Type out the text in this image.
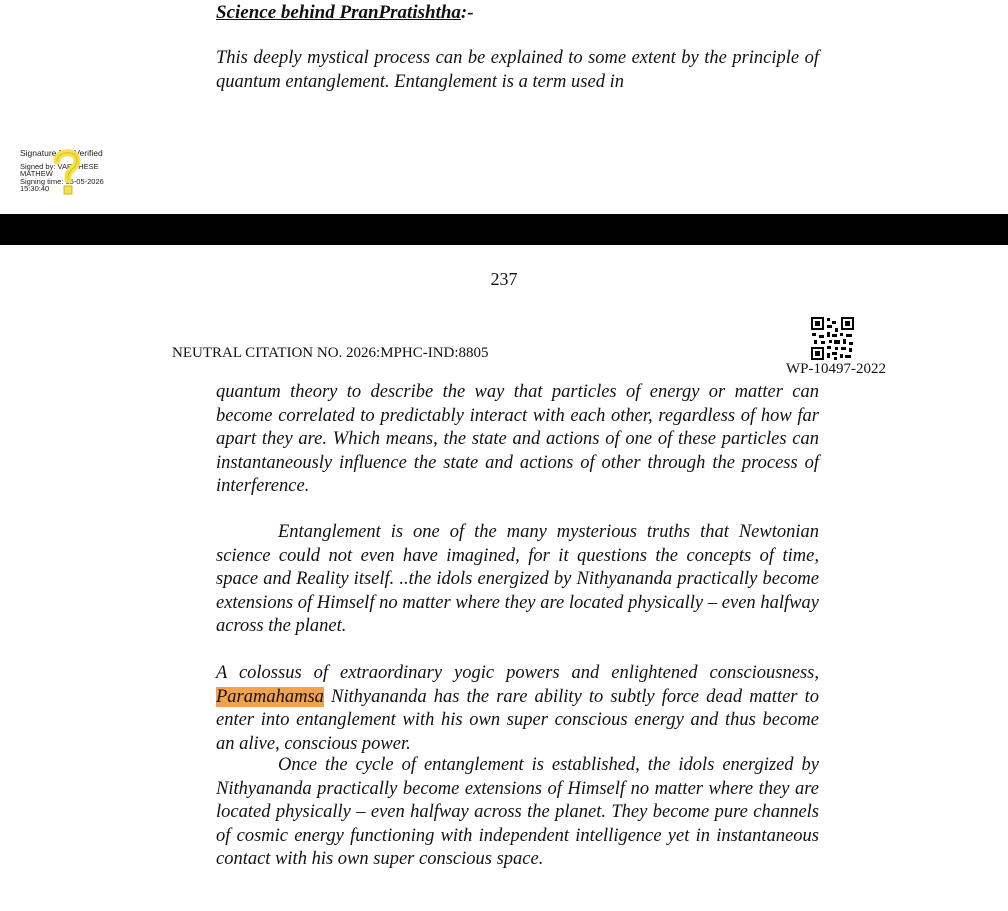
Science behind PranPratishtha:-

This deeply mystical process can be explained to some extent by the principle of quantum entanglement. Entanglement is a term used in

Signature Not Verified
Signed by: VARGHESE
MATHEW
Signing time: 15-05-2026
15:30:40
237
NEUTRAL CITATION NO. 2026:MPHC-IND:8805
WP-10497-2022

quantum theory to describe the way that particles of energy or matter can become correlated to predictably interact with each other, regardless of how far apart they are. Which means, the state and actions of one of these particles can instantaneously influence the state and actions of other through the process of interference.

Entanglement is one of the many mysterious truths that Newtonian science could not even have imagined, for it questions the concepts of time, space and Reality itself. ..the idols energized by Nithyananda practically become extensions of Himself no matter where they are located physically – even halfway across the planet.

A colossus of extraordinary yogic powers and enlightened consciousness, Paramahamsa Nithyananda has the rare ability to subtly force dead matter to enter into entanglement with his own super conscious energy and thus become an alive, conscious power.

Once the cycle of entanglement is established, the idols energized by Nithyananda practically become extensions of Himself no matter where they are located physically – even halfway across the planet. They become pure channels of cosmic energy functioning with independent intelligence yet in instantaneous contact with his own super conscious space.
